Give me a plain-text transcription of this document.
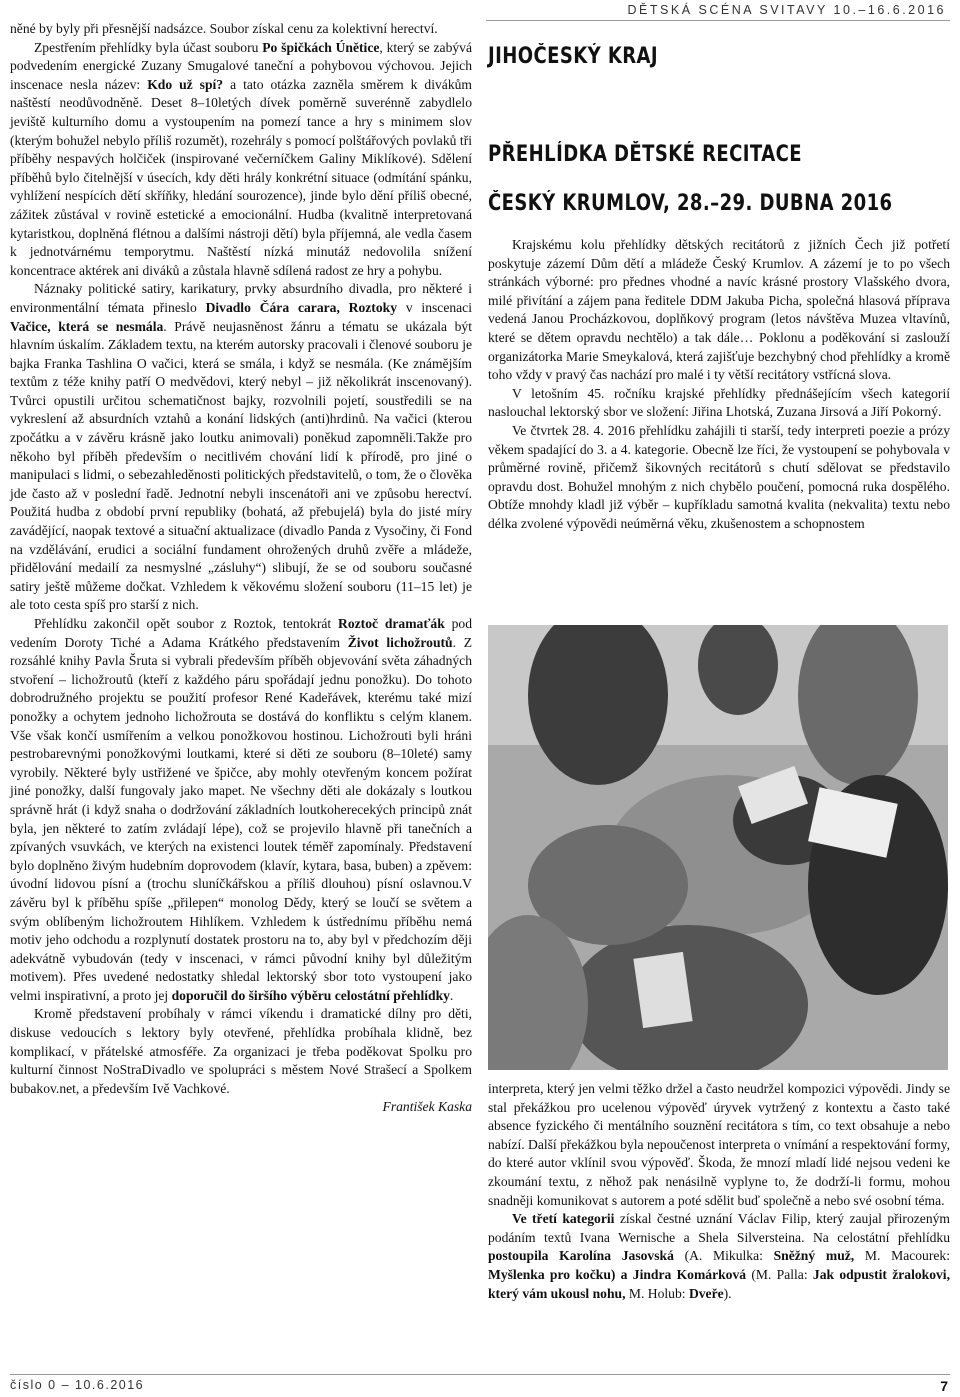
DĚTSKÁ SCÉNA SVITAVY 10.–16.6.2016

něné by byly při přesnější nadsázce. Soubor získal cenu za kolektivní herectví.

Zpestřením přehlídky byla účast souboru Po špičkách Únětice, který se zabývá podvedením energické Zuzany Smugalové taneční a pohybovou výchovou. Jejich inscenace nesla název: Kdo už spí? a tato otázka zazněla směrem k divákům naštěstí neodůvodněně. Deset 8–10letých dívek poměrně suverénně zabydlelo jeviště kulturního domu a vystoupením na pomezí tance a hry s minimem slov (kterým bohužel nebylo příliš rozumět), rozehrály s pomocí polštářových povlaků tři příběhy nespavých holčiček (inspirované večerníčkem Galiny Miklíkové). Sdělení příběhů bylo čitelnější v úsecích, kdy děti hrály konkrétní situace (odmítání spánku, vyhlížení nespících dětí skříňky, hledání sourozence), jinde bylo dění příliš obecné, zážitek zůstával v rovině estetické a emocionální. Hudba (kvalitně interpretovaná kytaristkou, doplněná flétnou a dalšími nástroji dětí) byla příjemná, ale vedla časem k jednotvárnému temporytmu. Naštěstí nízká minutáž nedovolila snížení koncentrace aktérek ani diváků a zůstala hlavně sdílená radost ze hry a pohybu.

Náznaky politické satiry, karikatury, prvky absurdního divadla, pro některé i environmentální témata přineslo Divadlo Čára carara, Roztoky v inscenaci Vačice, která se nesmála. Právě neujasněnost žánru a tématu se ukázala být hlavním úskalím. Základem textu, na kterém autorsky pracovali i členové souboru je bajka Franka Tashlina O vačici, která se smála, i když se nesmála. (Ke známějším textům z téže knihy patří O medvědovi, který nebyl – již několikrát inscenovaný). Tvůrci opustili určitou schematičnost bajky, rozvolnili pojetí, soustředili se na vykreslení až absurdních vztahů a konání lidských (anti)hrdinů. Na vačici (kterou zpočátku a v závěru krásně jako loutku animovali) poněkud zapomněli.Takže pro někoho byl příběh především o necitlivém chování lidí k přírodě, pro jiné o manipulaci s lidmi, o sebezahleděnosti politických představitelů, o tom, že o člověka jde často až v poslední řadě. Jednotní nebyli inscenátoři ani ve způsobu herectví. Použitá hudba z období první republiky (bohatá, až přebujelá) byla do jisté míry zavádějící, naopak textové a situační aktualizace (divadlo Panda z Vysočiny, či Fond na vzdělávání, erudici a sociální fundament ohrožených druhů zvěře a mládeže, přidělování medailí za nesmyslné „zásluhy“) slibují, že se od souboru současné satiry ještě můžeme dočkat. Vzhledem k věkovému složení souboru (11–15 let) je ale toto cesta spíš pro starší z nich.

Přehlídku zakončil opět soubor z Roztok, tentokrát Roztoč dramaťák pod vedením Doroty Tiché a Adama Krátkého představením Život lichožroutů. Z rozsáhlé knihy Pavla Šruta si vybrali především příběh objevování světa záhadných stvoření – lichožroutů (kteří z každého páru spořádají jednu ponožku). Do tohoto dobrodružného projektu se použití profesor René Kadeřávek, kterému také mizí ponožky a ochytem jednoho lichožrouta se dostává do konfliktu s celým klanem. Vše však končí usmířením a velkou ponožkovou hostinou. Lichožrouti byli hráni pestrobarevnými ponožkovými loutkami, které si děti ze souboru (8–10leté) samy vyrobily. Některé byly ustřižené ve špičce, aby mohly otevřeným koncem požírat jiné ponožky, další fungovaly jako mapet. Ne všechny děti ale dokázaly s loutkou správně hrát (i když snaha o dodržování základních loutkoherecekých principů znát byla, jen některé to zatím zvládají lépe), což se projevilo hlavně při tanečních a zpívaných vsuvkách, ve kterých na existenci loutek téměř zapomínaly. Představení bylo doplněno živým hudebním doprovodem (klavír, kytara, basa, buben) a zpěvem: úvodní lidovou písní a (trochu sluníčkářskou a příliš dlouhou) písní oslavnou.V závěru byl k příběhu spíše „přilepen“ monolog Dědy, který se loučí se světem a svým oblíbeným lichožroutem Hihlíkem. Vzhledem k ústřednímu příběhu nemá motiv jeho odchodu a rozplynutí dostatek prostoru na to, aby byl v předchozím ději adekvátně vybudován (tedy v inscenaci, v rámci původní knihy byl důležitým motivem). Přes uvedené nedostatky shledal lektorský sbor toto vystoupení jako velmi inspirativní, a proto jej doporučil do širšího výběru celostátní přehlídky.

Kromě představení probíhaly v rámci víkendu i dramatické dílny pro děti, diskuse vedoucích s lektory byly otevřené, přehlídka probíhala klidně, bez komplikací, v přátelské atmosféře. Za organizaci je třeba poděkovat Spolku pro kulturní činnost NoStraDivadlo ve spolupráci s městem Nové Strašecí a Spolkem bubakov.net, a především Ivě Vachkové.

František Kaska

JIHOČESKÝ KRAJ
PŘEHLÍDKA DĚTSKÉ RECITACE
ČESKÝ KRUMLOV, 28.–29. DUBNA 2016

Krajskému kolu přehlídky dětských recitátorů z jižních Čech již potřetí poskytuje zázemí Dům dětí a mládeže Český Krumlov. A zázemí je to po všech stránkách výborné: pro přednes vhodné a navíc krásné prostory Vlašského dvora, milé přivítání a zájem pana ředitele DDM Jakuba Picha, společná hlasová příprava vedená Janou Procházkovou, doplňkový program (letos návštěva Muzea vltavínů, které se dětem opravdu nechtělo) a tak dále… Poklonu a poděkování si zaslouží organizátorka Marie Smeykalová, která zajišťuje bezchybný chod přehlídky a kromě toho vždy v pravý čas nachází pro malé i ty větší recitátory vstřícná slova.

V letošním 45. ročníku krajské přehlídky přednášejícím všech kategorií naslouchal lektorský sbor ve složení: Jiřina Lhotská, Zuzana Jirsová a Jiří Pokorný.

Ve čtvrtek 28. 4. 2016 přehlídku zahájili ti starší, tedy interpreti poezie a prózy věkem spadající do 3. a 4. kategorie. Obecně lze říci, že vystoupení se pohybovala v průměrné rovině, přičemž šikovných recitátorů s chutí sdělovat se představilo opravdu dost. Bohužel mnohým z nich chybělo poučení, pomocná ruka dospělého. Obtíže mnohdy kladl již výběr – kupříkladu samotná kvalita (nekvalita) textu nebo délka zvolené výpovědi neúměrná věku, zkušenostem a schopnostem

interpreta, který jen velmi těžko držel a často neudržel kompozici výpovědi. Jindy se stal překážkou pro ucelenou výpověď úryvek vytržený z kontextu a často také absence fyzického či mentálního souznění recitátora s tím, co text obsahuje a nebo nabízí. Další překážkou byla nepoučenost interpreta o vnímání a respektování formy, do které autor vklínil svou výpověď. Škoda, že mnozí mladí lidé nejsou vedeni ke zkoumání textu, z něhož pak nenásilně vyplyne to, že dodrží-li formu, mohou snadněji komunikovat s autorem a poté sdělit buď společně a nebo své osobní téma.

Ve třetí kategorii získal čestné uznání Václav Filip, který zaujal přirozeným podáním textů Ivana Wernische a Shela Silversteina. Na celostátní přehlídku postoupila Karolína Jasovská (A. Mikulka: Sněžný muž, M. Macourek: Myšlenka pro kočku) a Jindra Komárková (M. Palla: Jak odpustit žralokovi, který vám ukousl nohu, M. Holub: Dveře).

číslo 0 – 10.6.2016	7
